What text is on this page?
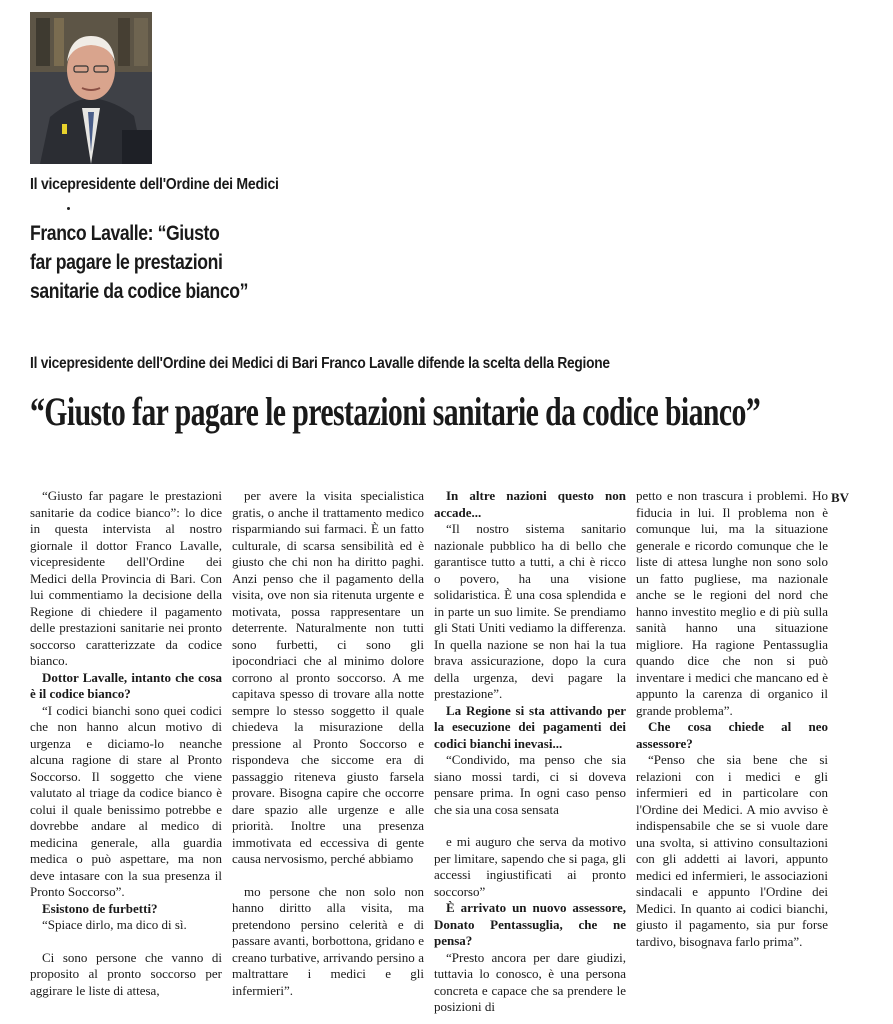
Il vicepresidente dell'Ordine dei Medici

Franco Lavalle: “Giusto
far pagare le prestazioni
sanitarie da codice bianco”

Il vicepresidente dell'Ordine dei Medici di Bari Franco Lavalle difende la scelta della Regione

“Giusto far pagare le prestazioni sanitarie da codice bianco”
BV

“Giusto far pagare le prestazioni sanitarie da codice bianco”: lo dice in questa intervista al nostro giornale il dottor Franco Lavalle, vicepresidente dell'Ordine dei Medici della Provincia di Bari. Con lui commentiamo la decisione della Regione di chiedere il pagamento delle prestazioni sanitarie nei pronto soccorso caratterizzate da codice bianco.

Dottor Lavalle, intanto che cosa è il codice bianco?

“I codici bianchi sono quei codici che non hanno alcun motivo di urgenza e diciamo-lo neanche alcuna ragione di stare al Pronto Soccorso. Il soggetto che viene valutato al triage da codice bianco è colui il quale benissimo potrebbe e dovrebbe andare al medico di medicina generale, alla guardia medica o può aspettare, ma non deve intasare con la sua presenza il Pronto Soccorso”.

Esistono de furbetti?

“Spiace dirlo, ma dico di sì.

Ci sono persone che vanno di proposito al pronto soccorso per aggirare le liste di attesa,

per avere la visita specialistica gratis, o anche il trattamento medico risparmiando sui farmaci. È un fatto culturale, di scarsa sensibilità ed è giusto che chi non ha diritto paghi. Anzi penso che il pagamento della visita, ove non sia ritenuta urgente e motivata, possa rappresentare un deterrente. Naturalmente non tutti sono furbetti, ci sono gli ipocondriaci che al minimo dolore corrono al pronto soccorso. A me capitava spesso di trovare alla notte sempre lo stesso soggetto il quale chiedeva la misurazione della pressione al Pronto Soccorso e rispondeva che siccome era di passaggio riteneva giusto farsela provare. Bisogna capire che occorre dare spazio alle urgenze e alle priorità. Inoltre una presenza immotivata ed eccessiva di gente causa nervosismo, perché abbiamo

mo persone che non solo non hanno diritto alla visita, ma pretendono persino celerità e di passare avanti, borbottona, gridano e creano turbative, arrivando persino a maltrattare i medici e gli infermieri”.

In altre nazioni questo non accade...

“Il nostro sistema sanitario nazionale pubblico ha di bello che garantisce tutto a tutti, a chi è ricco o povero, ha una visione solidaristica. È una cosa splendida e in parte un suo limite. Se prendiamo gli Stati Uniti vediamo la differenza. In quella nazione se non hai la tua brava assicurazione, dopo la cura della urgenza, devi pagare la prestazione”.

La Regione si sta attivando per la esecuzione dei pagamenti dei codici bianchi inevasi...

“Condivido, ma penso che sia siano mossi tardi, ci si doveva pensare prima. In ogni caso penso che sia una cosa sensata

e mi auguro che serva da motivo per limitare, sapendo che si paga, gli accessi ingiustificati ai pronto soccorso”

È arrivato un nuovo assessore, Donato Pentassuglia, che ne pensa?

“Presto ancora per dare giudizi, tuttavia lo conosco, è una persona concreta e capace che sa prendere le posizioni di

petto e non trascura i problemi. Ho fiducia in lui. Il problema non è comunque lui, ma la situazione generale e ricordo comunque che le liste di attesa lunghe non sono solo un fatto pugliese, ma nazionale anche se le regioni del nord che hanno investito meglio e di più sulla sanità hanno una situazione migliore. Ha ragione Pentassuglia quando dice che non si può inventare i medici che mancano ed è appunto la carenza di organico il grande problema”.

Che cosa chiede al neo assessore?

“Penso che sia bene che si relazioni con i medici e gli infermieri ed in particolare con l'Ordine dei Medici. A mio avviso è indispensabile che se si vuole dare una svolta, si attivino consultazioni con gli addetti ai lavori, appunto medici ed infermieri, le associazioni sindacali e appunto l'Ordine dei Medici. In quanto ai codici bianchi, giusto il pagamento, sia pur forse tardivo, bisognava farlo prima”.
